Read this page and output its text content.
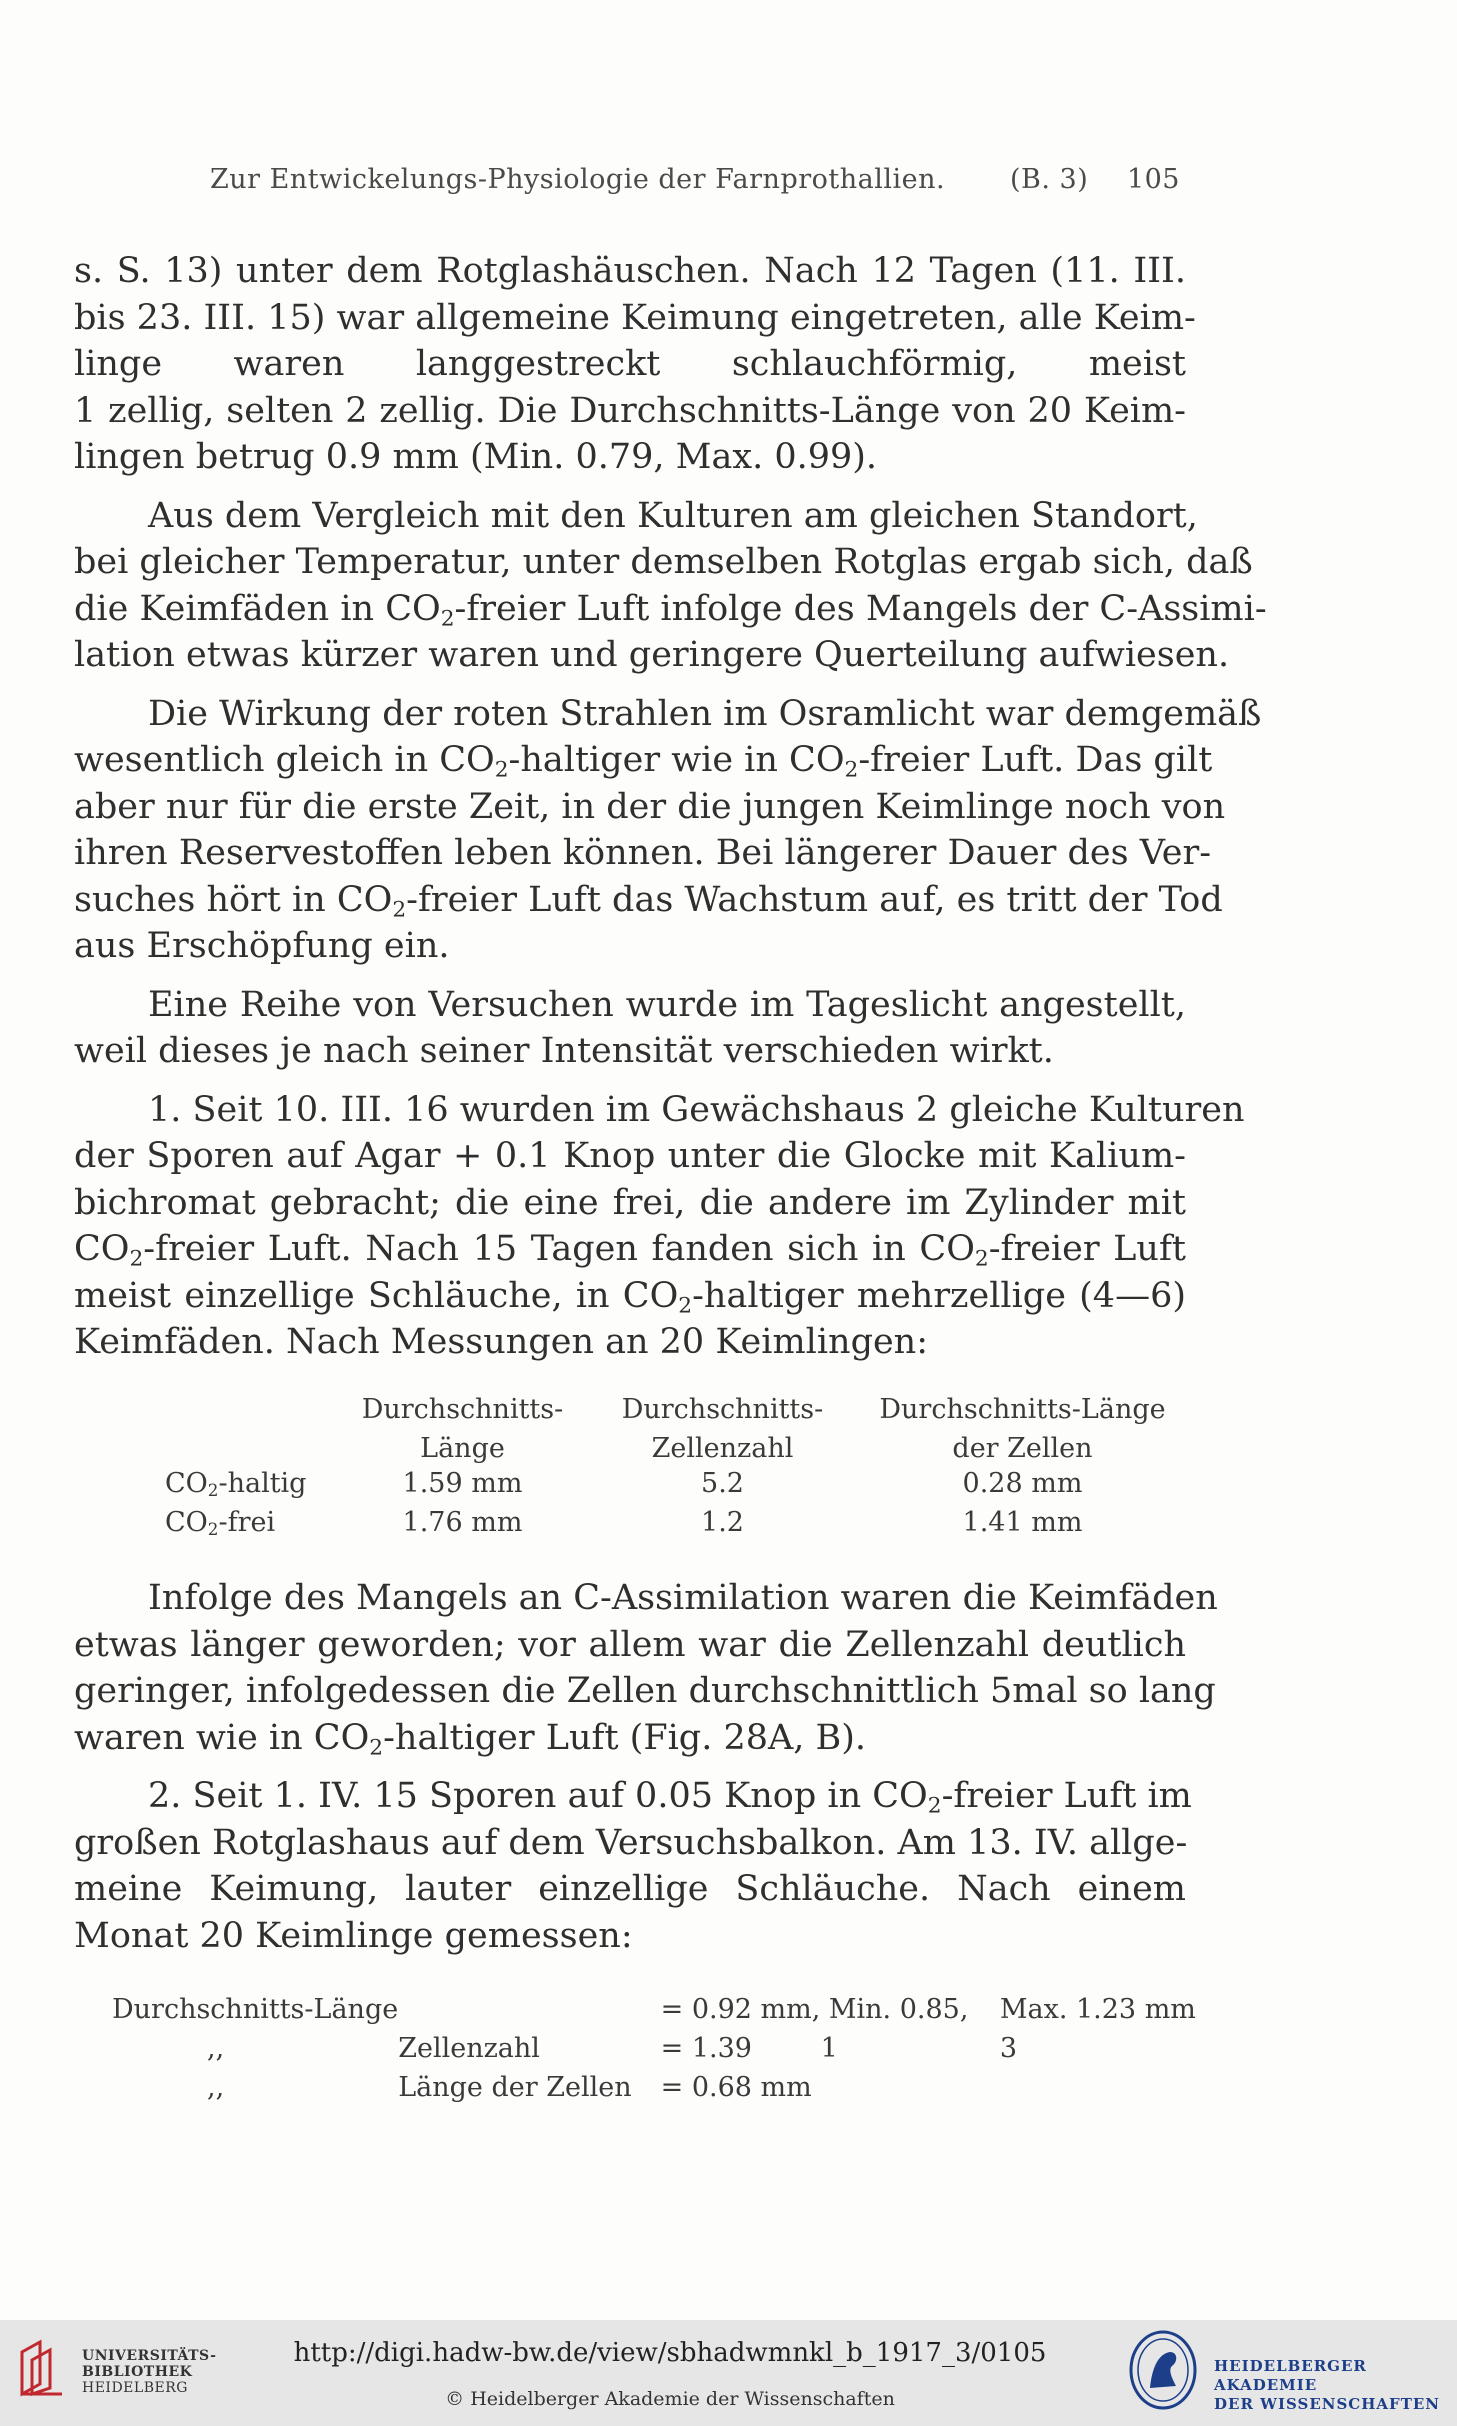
Zur Entwickelungs-Physiologie der Farnprothallien. (B. 3) 105
s. S. 13) unter dem Rotglashäuschen. Nach 12 Tagen (11. III.
bis 23. III. 15) war allgemeine Keimung eingetreten, alle Keim-
linge waren langgestreckt schlauchförmig, meist
1 zellig, selten 2 zellig. Die Durchschnitts-Länge von 20 Keim-
lingen betrug 0.9 mm (Min. 0.79, Max. 0.99).
Aus dem Vergleich mit den Kulturen am gleichen Standort,
bei gleicher Temperatur, unter demselben Rotglas ergab sich, daß
die Keimfäden in $CO_2$-freier Luft infolge des Mangels der C-Assimi-
lation etwas kürzer waren und geringere Querteilung aufwiesen.
Die Wirkung der roten Strahlen im Osramlicht war demgemäß
wesentlich gleich in $CO_2$-haltiger wie in $CO_2$-freier Luft. Das gilt
aber nur für die erste Zeit, in der die jungen Keimlinge noch von
ihren Reservestoffen leben können. Bei längerer Dauer des Ver-
suches hört in $CO_2$-freier Luft das Wachstum auf, es tritt der Tod
aus Erschöpfung ein.
Eine Reihe von Versuchen wurde im Tageslicht angestellt,
weil dieses je nach seiner Intensität verschieden wirkt.
1. Seit 10. III. 16 wurden im Gewächshaus 2 gleiche Kulturen
der Sporen auf Agar + 0.1 Knop unter die Glocke mit Kalium-
bichromat gebracht; die eine frei, die andere im Zylinder mit
$CO_2$-freier Luft. Nach 15 Tagen fanden sich in $CO_2$-freier Luft
meist einzellige Schläuche, in $CO_2$-haltiger mehrzellige (4—6)
Keimfäden. Nach Messungen an 20 Keimlingen:
	Durchschnitts-	Durchschnitts-	Durchschnitts-Länge
	Länge	Zellenzahl	der Zellen
$CO_2$-haltig	1.59 mm	5.2	0.28 mm
$CO_2$-frei	1.76 mm	1.2	1.41 mm
Infolge des Mangels an C-Assimilation waren die Keimfäden
etwas länger geworden; vor allem war die Zellenzahl deutlich
geringer, infolgedessen die Zellen durchschnittlich 5mal so lang
waren wie in $CO_2$-haltiger Luft (Fig. 28A, B).
2. Seit 1. IV. 15 Sporen auf 0.05 Knop in $CO_2$-freier Luft im
großen Rotglashaus auf dem Versuchsbalkon. Am 13. IV. allge-
meine Keimung, lauter einzellige Schläuche. Nach einem
Monat 20 Keimlinge gemessen:
Durchschnitts-Länge		= 0.92 mm, Min. 0.85,	Max. 1.23 mm
,,	Zellenzahl	= 1.39        1	3
,,	Länge der Zellen	= 0.68 mm	
UNIVERSITÄTS-
BIBLIOTHEK
HEIDELBERG
http://digi.hadw-bw.de/view/sbhadwmnkl_b_1917_3/0105
© Heidelberger Akademie der Wissenschaften
HEIDELBERGER AKADEMIE
DER WISSENSCHAFTEN
